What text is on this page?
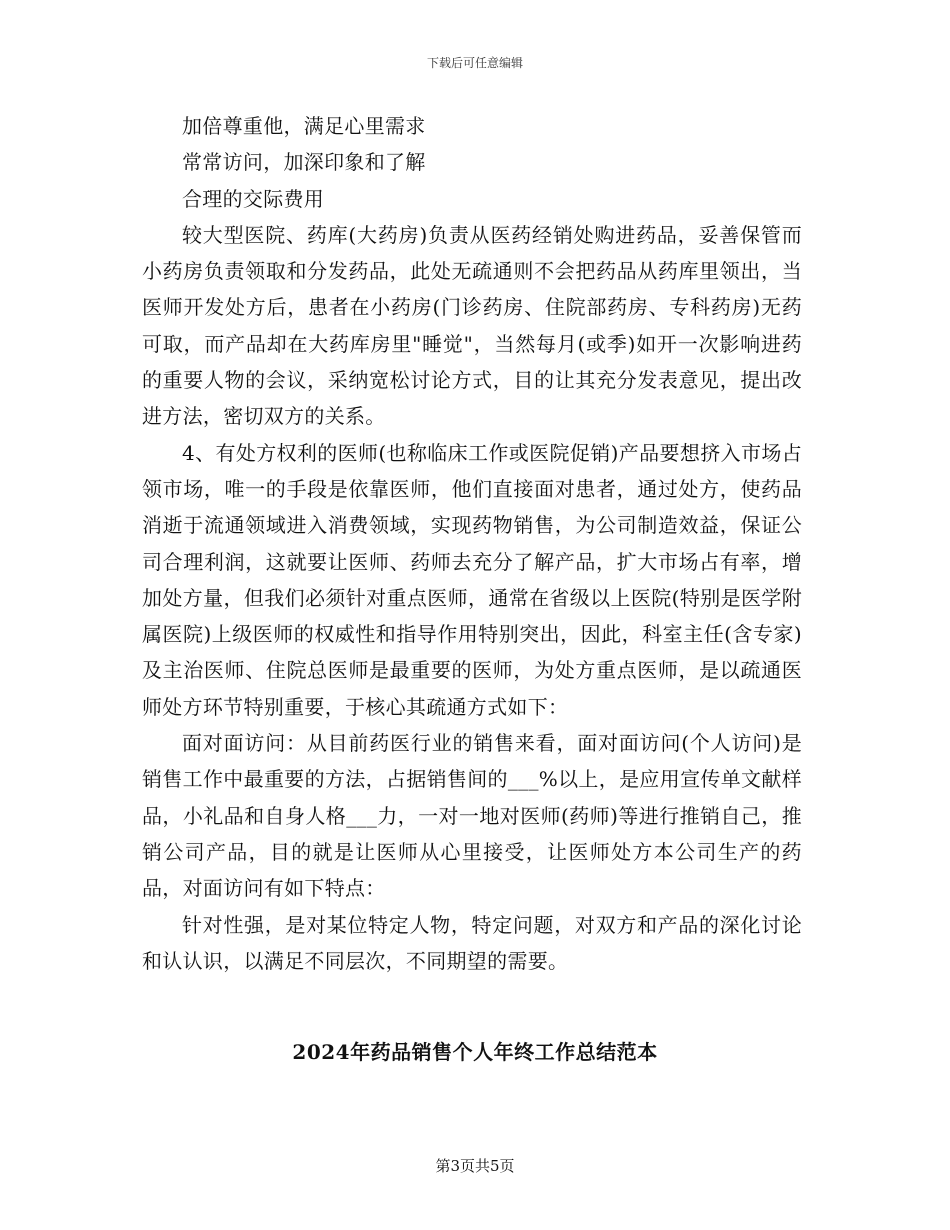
下载后可任意编辑

加倍尊重他，满足心里需求

常常访问，加深印象和了解

合理的交际费用

较大型医院、药库(大药房)负责从医药经销处购进药品，妥善保管而小药房负责领取和分发药品，此处无疏通则不会把药品从药库里领出，当医师开发处方后，患者在小药房(门诊药房、住院部药房、专科药房)无药可取，而产品却在大药库房里"睡觉"，当然每月(或季)如开一次影响进药的重要人物的会议，采纳宽松讨论方式，目的让其充分发表意见，提出改进方法，密切双方的关系。

4、有处方权利的医师(也称临床工作或医院促销)产品要想挤入市场占领市场，唯一的手段是依靠医师，他们直接面对患者，通过处方，使药品消逝于流通领域进入消费领域，实现药物销售，为公司制造效益，保证公司合理利润，这就要让医师、药师去充分了解产品，扩大市场占有率，增加处方量，但我们必须针对重点医师，通常在省级以上医院(特别是医学附属医院)上级医师的权威性和指导作用特别突出，因此，科室主任(含专家)及主治医师、住院总医师是最重要的医师，为处方重点医师，是以疏通医师处方环节特别重要，于核心其疏通方式如下：

面对面访问：从目前药医行业的销售来看，面对面访问(个人访问)是销售工作中最重要的方法，占据销售间的___%以上，是应用宣传单文献样品，小礼品和自身人格___力，一对一地对医师(药师)等进行推销自己，推销公司产品，目的就是让医师从心里接受，让医师处方本公司生产的药品，对面访问有如下特点：

针对性强，是对某位特定人物，特定问题，对双方和产品的深化讨论和认认识，以满足不同层次，不同期望的需要。

2024年药品销售个人年终工作总结范本
第3页共5页
